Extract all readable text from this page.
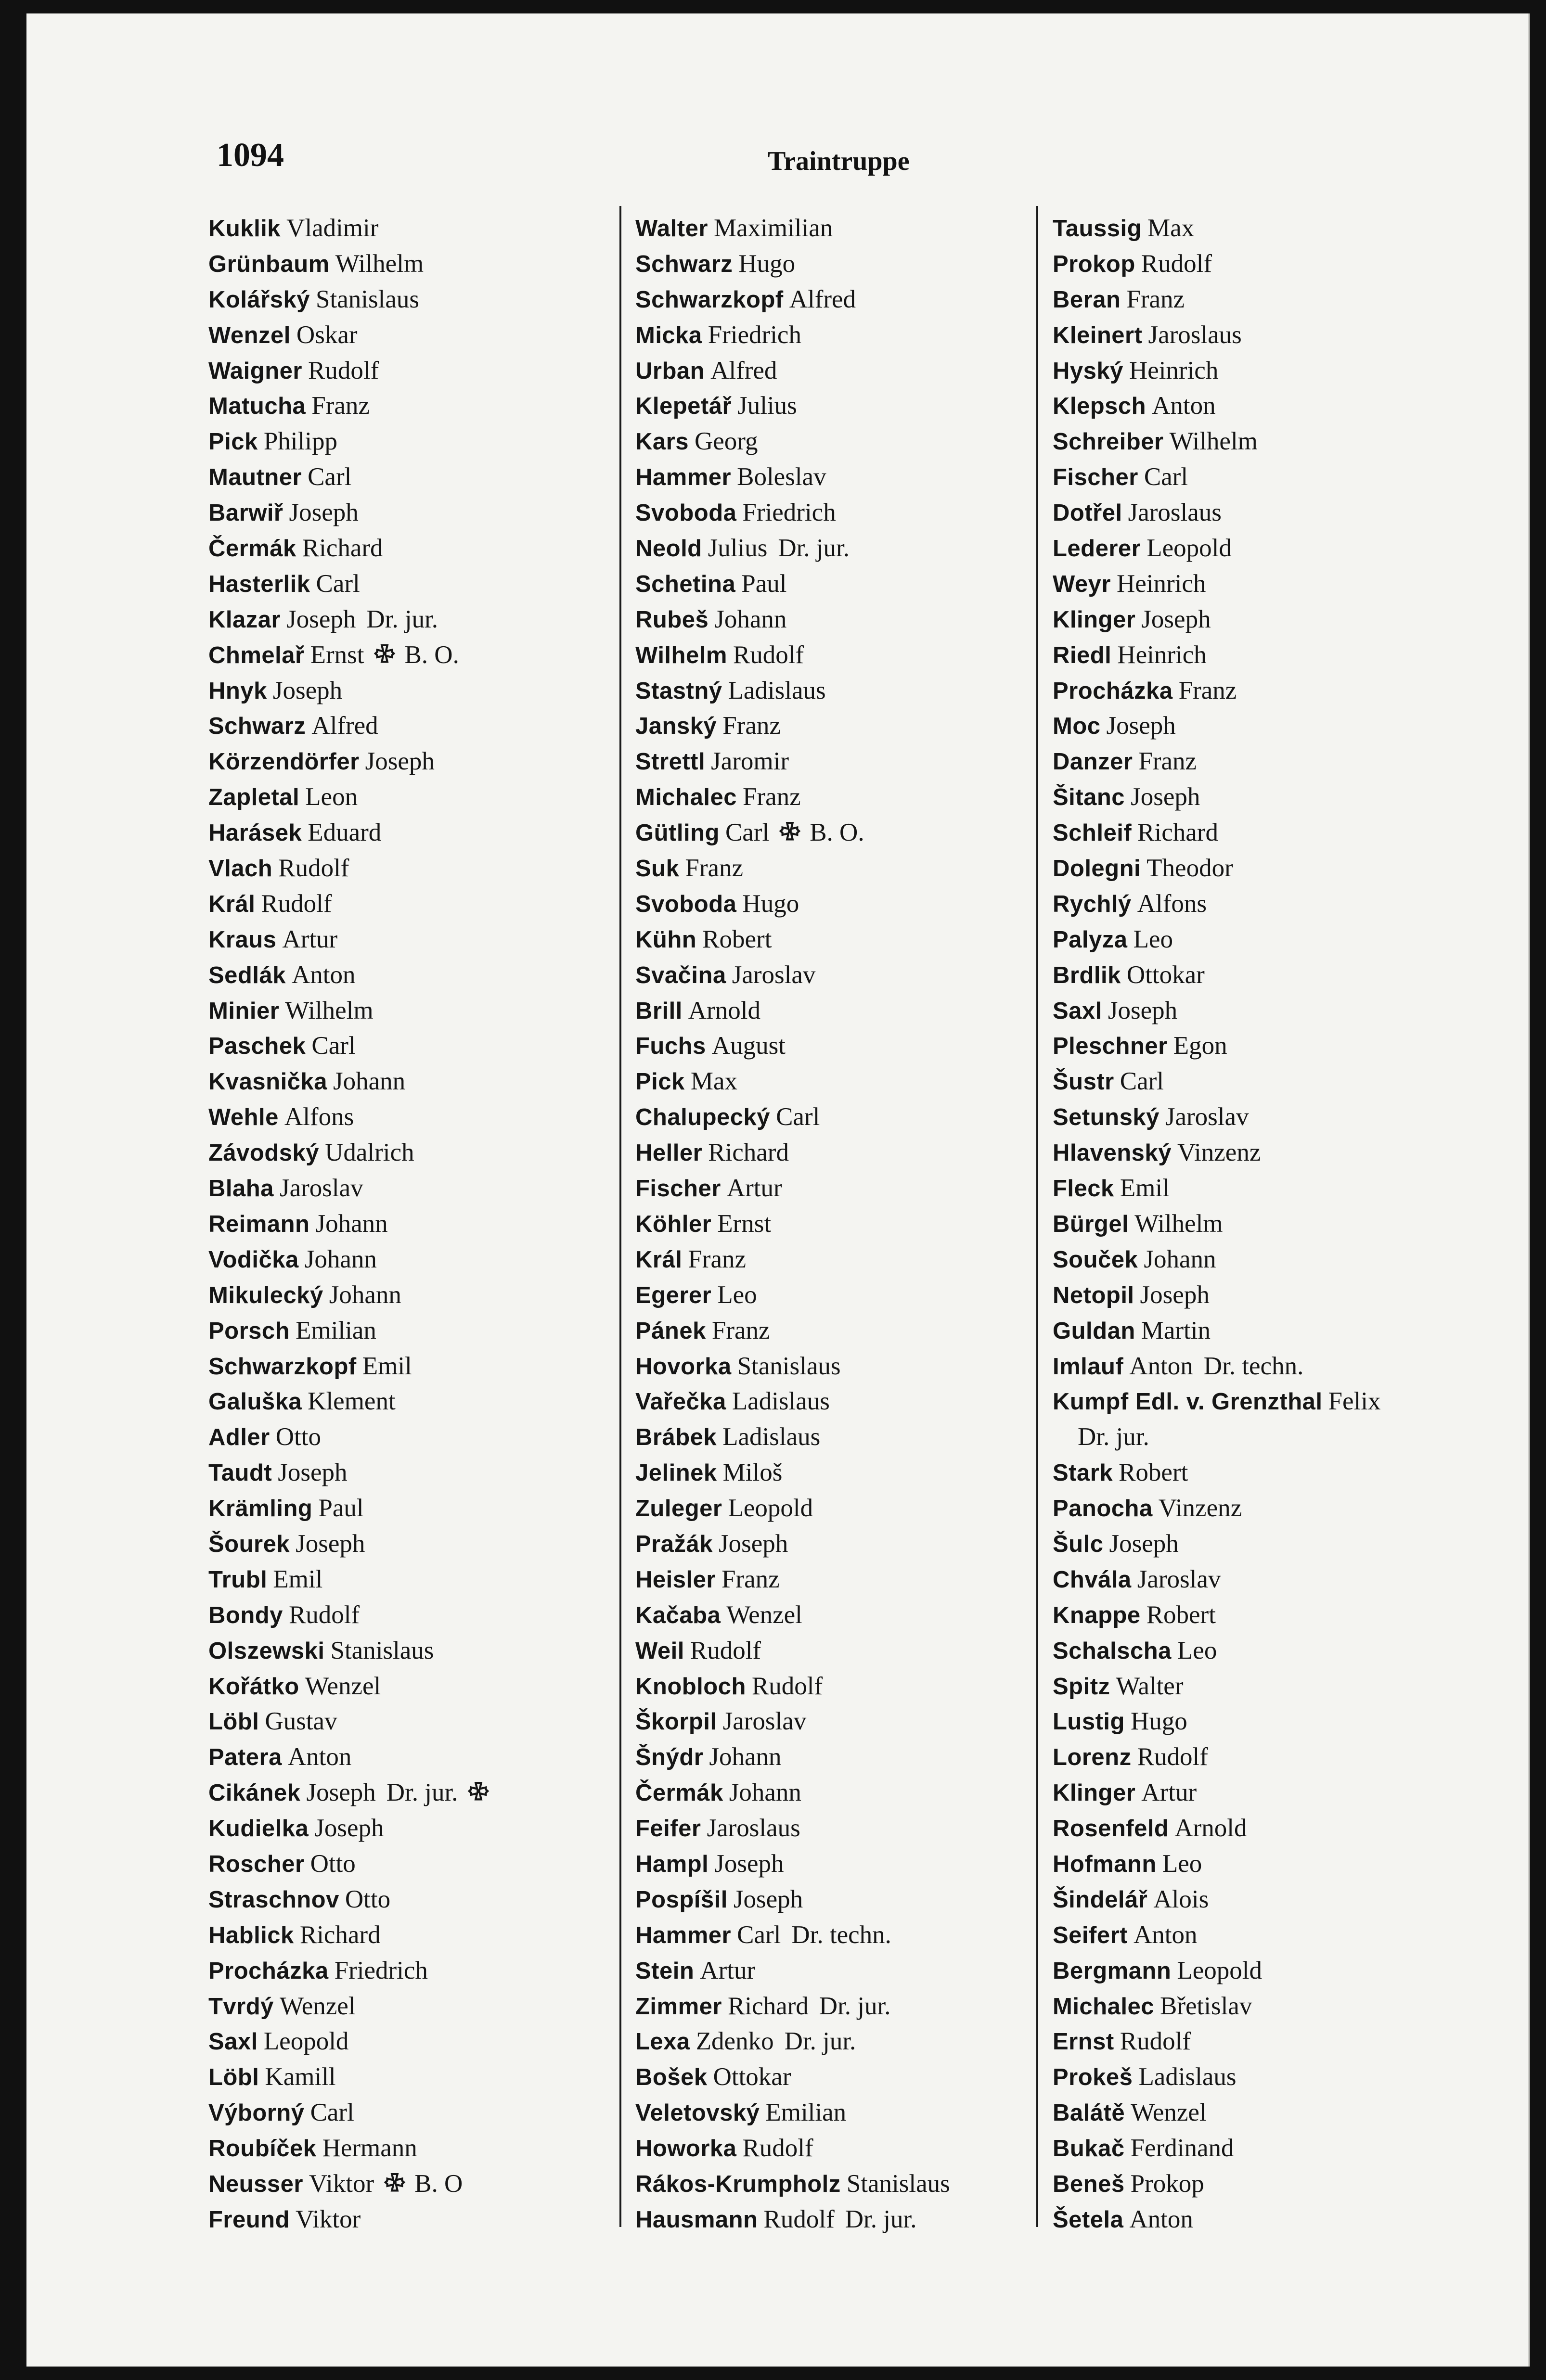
1094	Traintruppe
Kuklik Vladimir
Grünbaum Wilhelm
Kolářský Stanislaus
Wenzel Oskar
Waigner Rudolf
Matucha Franz
Pick Philipp
Mautner Carl
Barwiř Joseph
Čermák Richard
Hasterlik Carl
Klazar Joseph Dr. jur.
Chmelař Ernst B. O.
Hnyk Joseph
Schwarz Alfred
Körzendörfer Joseph
Zapletal Leon
Harásek Eduard
Vlach Rudolf
Král Rudolf
Kraus Artur
Sedlák Anton
Minier Wilhelm
Paschek Carl
Kvasnička Johann
Wehle Alfons
Závodský Udalrich
Blaha Jaroslav
Reimann Johann
Vodička Johann
Mikulecký Johann
Porsch Emilian
Schwarzkopf Emil
Galuška Klement
Adler Otto
Taudt Joseph
Krämling Paul
Šourek Joseph
Trubl Emil
Bondy Rudolf
Olszewski Stanislaus
Kořátko Wenzel
Löbl Gustav
Patera Anton
Cikánek Joseph Dr. jur.
Kudielka Joseph
Roscher Otto
Straschnov Otto
Hablick Richard
Procházka Friedrich
Tvrdý Wenzel
Saxl Leopold
Löbl Kamill
Výborný Carl
Roubíček Hermann
Neusser Viktor B. O
Freund Viktor
Walter Maximilian
Schwarz Hugo
Schwarzkopf Alfred
Micka Friedrich
Urban Alfred
Klepetář Julius
Kars Georg
Hammer Boleslav
Svoboda Friedrich
Neold Julius Dr. jur.
Schetina Paul
Rubeš Johann
Wilhelm Rudolf
Stastný Ladislaus
Janský Franz
Strettl Jaromir
Michalec Franz
Gütling Carl B. O.
Suk Franz
Svoboda Hugo
Kühn Robert
Svačina Jaroslav
Brill Arnold
Fuchs August
Pick Max
Chalupecký Carl
Heller Richard
Fischer Artur
Köhler Ernst
Král Franz
Egerer Leo
Pánek Franz
Hovorka Stanislaus
Vařečka Ladislaus
Brábek Ladislaus
Jelinek Miloš
Zuleger Leopold
Pražák Joseph
Heisler Franz
Kačaba Wenzel
Weil Rudolf
Knobloch Rudolf
Škorpil Jaroslav
Šnýdr Johann
Čermák Johann
Feifer Jaroslaus
Hampl Joseph
Pospíšil Joseph
Hammer Carl Dr. techn.
Stein Artur
Zimmer Richard Dr. jur.
Lexa Zdenko Dr. jur.
Bošek Ottokar
Veletovský Emilian
Howorka Rudolf
Rákos-Krumpholz Stanislaus
Hausmann Rudolf Dr. jur.
Taussig Max
Prokop Rudolf
Beran Franz
Kleinert Jaroslaus
Hyský Heinrich
Klepsch Anton
Schreiber Wilhelm
Fischer Carl
Dotřel Jaroslaus
Lederer Leopold
Weyr Heinrich
Klinger Joseph
Riedl Heinrich
Procházka Franz
Moc Joseph
Danzer Franz
Šitanc Joseph
Schleif Richard
Dolegni Theodor
Rychlý Alfons
Palyza Leo
Brdlik Ottokar
Saxl Joseph
Pleschner Egon
Šustr Carl
Setunský Jaroslav
Hlavenský Vinzenz
Fleck Emil
Bürgel Wilhelm
Souček Johann
Netopil Joseph
Guldan Martin
Imlauf Anton Dr. techn.
Kumpf Edl. v. Grenzthal Felix
Dr. jur.
Stark Robert
Panocha Vinzenz
Šulc Joseph
Chvála Jaroslav
Knappe Robert
Schalscha Leo
Spitz Walter
Lustig Hugo
Lorenz Rudolf
Klinger Artur
Rosenfeld Arnold
Hofmann Leo
Šindelář Alois
Seifert Anton
Bergmann Leopold
Michalec Břetislav
Ernst Rudolf
Prokeš Ladislaus
Balátě Wenzel
Bukač Ferdinand
Beneš Prokop
Šetela Anton
